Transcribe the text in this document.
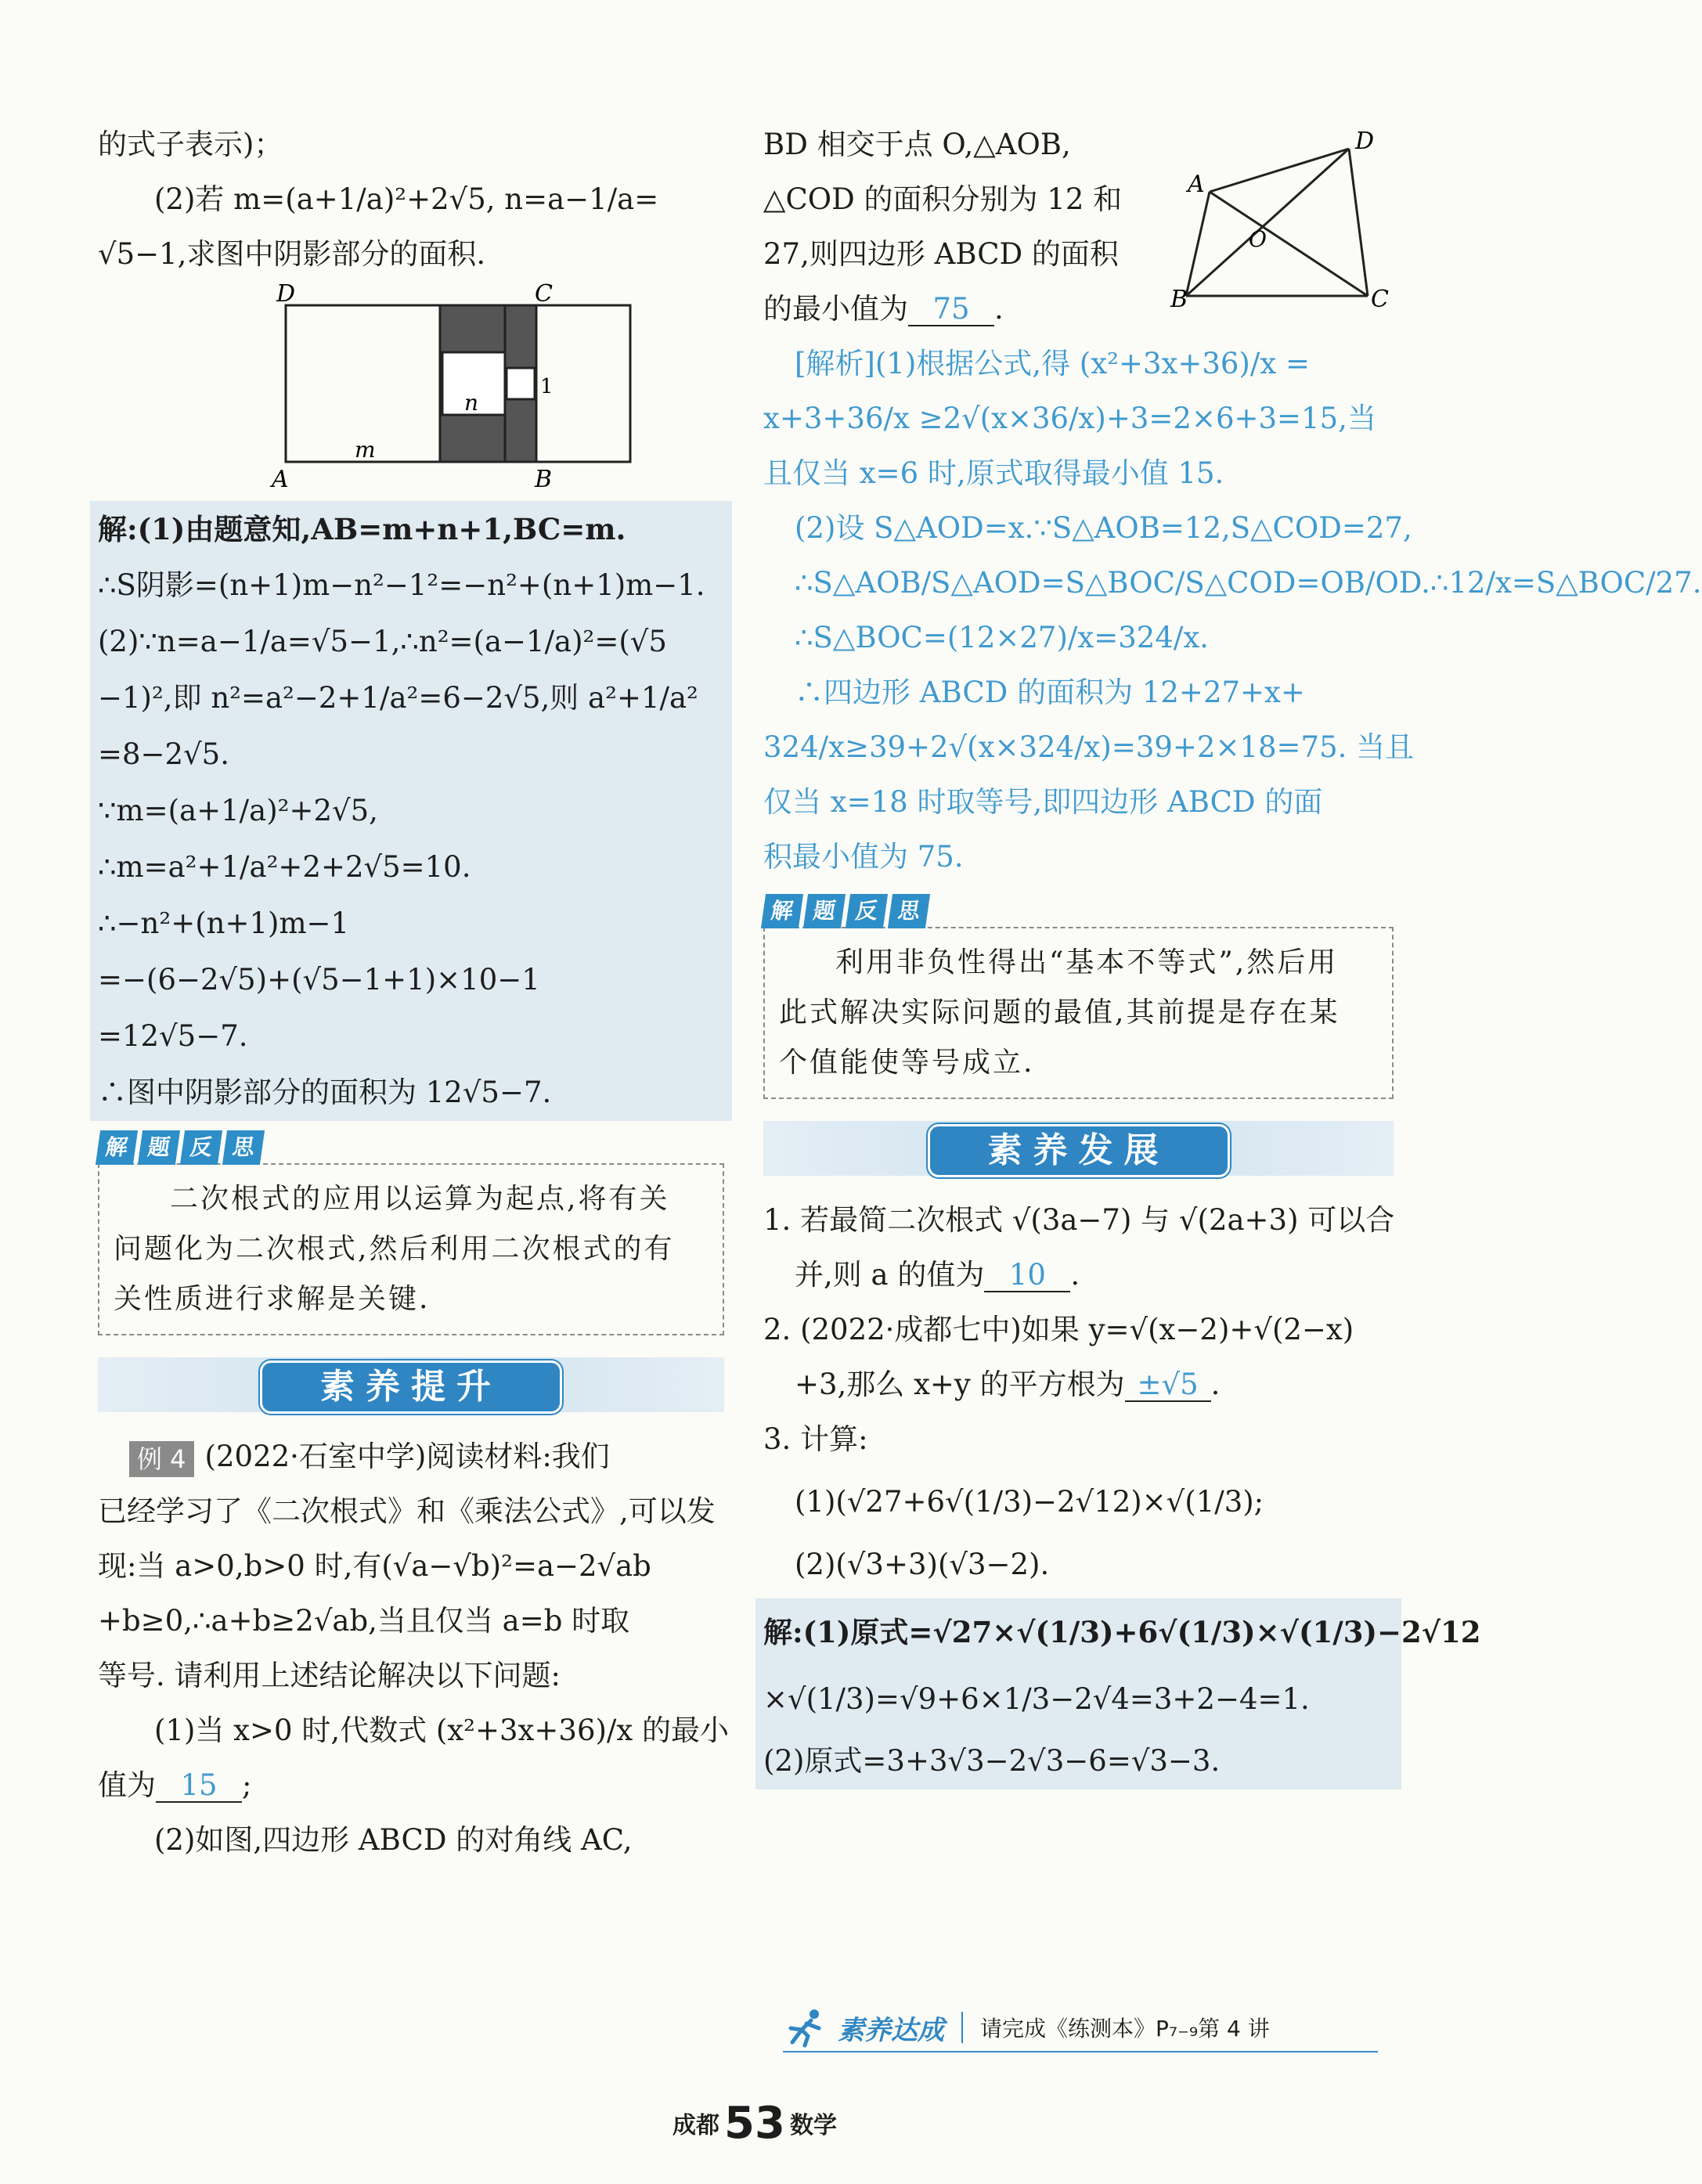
的式子表示)；
(2)若 m=(a+1/a)²+2√5, n=a−1/a=
√5−1,求图中阴影部分的面积.
D	C
A	B
m
n
1
解:(1)由题意知,AB=m+n+1,BC=m.
∴S阴影=(n+1)m−n²−1²=−n²+(n+1)m−1.
(2)∵n=a−1/a=√5−1,∴n²=(a−1/a)²=(√5
−1)²,即 n²=a²−2+1/a²=6−2√5,则 a²+1/a²
=8−2√5.
∵m=(a+1/a)²+2√5,
∴m=a²+1/a²+2+2√5=10.
∴−n²+(n+1)m−1
=−(6−2√5)+(√5−1+1)×10−1
=12√5−7.
∴图中阴影部分的面积为 12√5−7.
解 题 反 思
二次根式的应用以运算为起点,将有关
问题化为二次根式,然后利用二次根式的有
关性质进行求解是关键.
素养提升
例 4 (2022·石室中学)阅读材料:我们
已经学习了《二次根式》和《乘法公式》,可以发
现:当 a>0,b>0 时,有(√a−√b)²=a−2√ab
+b≥0,∴a+b≥2√ab,当且仅当 a=b 时取
等号. 请利用上述结论解决以下问题:
(1)当 x>0 时,代数式 (x²+3x+36)/x 的最小
值为 15 ;
(2)如图,四边形 ABCD 的对角线 AC,
BD 相交于点 O,△AOB,
△COD 的面积分别为 12 和
27,则四边形 ABCD 的面积
的最小值为 75 .
A
B	C
D
O
[解析](1)根据公式,得 (x²+3x+36)/x =
x+3+36/x ≥2√(x×36/x)+3=2×6+3=15,当
且仅当 x=6 时,原式取得最小值 15.
(2)设 S△AOD=x.∵S△AOB=12,S△COD=27,
∴S△AOB/S△AOD=S△BOC/S△COD=OB/OD.∴12/x=S△BOC/27.
∴S△BOC=(12×27)/x=324/x.
∴四边形 ABCD 的面积为 12+27+x+
324/x≥39+2√(x×324/x)=39+2×18=75. 当且
仅当 x=18 时取等号,即四边形 ABCD 的面
积最小值为 75.
解 题 反 思
利用非负性得出“基本不等式”,然后用
此式解决实际问题的最值,其前提是存在某
个值能使等号成立.
素养发展
1. 若最简二次根式 √(3a−7) 与 √(2a+3) 可以合
并,则 a 的值为 10 .
2. (2022·成都七中)如果 y=√(x−2)+√(2−x)
+3,那么 x+y 的平方根为 ±√5 .
3. 计算:
(1)(√27+6√(1/3)−2√12)×√(1/3);
(2)(√3+3)(√3−2).
解:(1)原式=√27×√(1/3)+6√(1/3)×√(1/3)−2√12
×√(1/3)=√9+6×1/3−2√4=3+2−4=1.
(2)原式=3+3√3−2√3−6=√3−3.
素养达成 请完成《练测本》P₇₋₉第 4 讲
成都 53 数学
